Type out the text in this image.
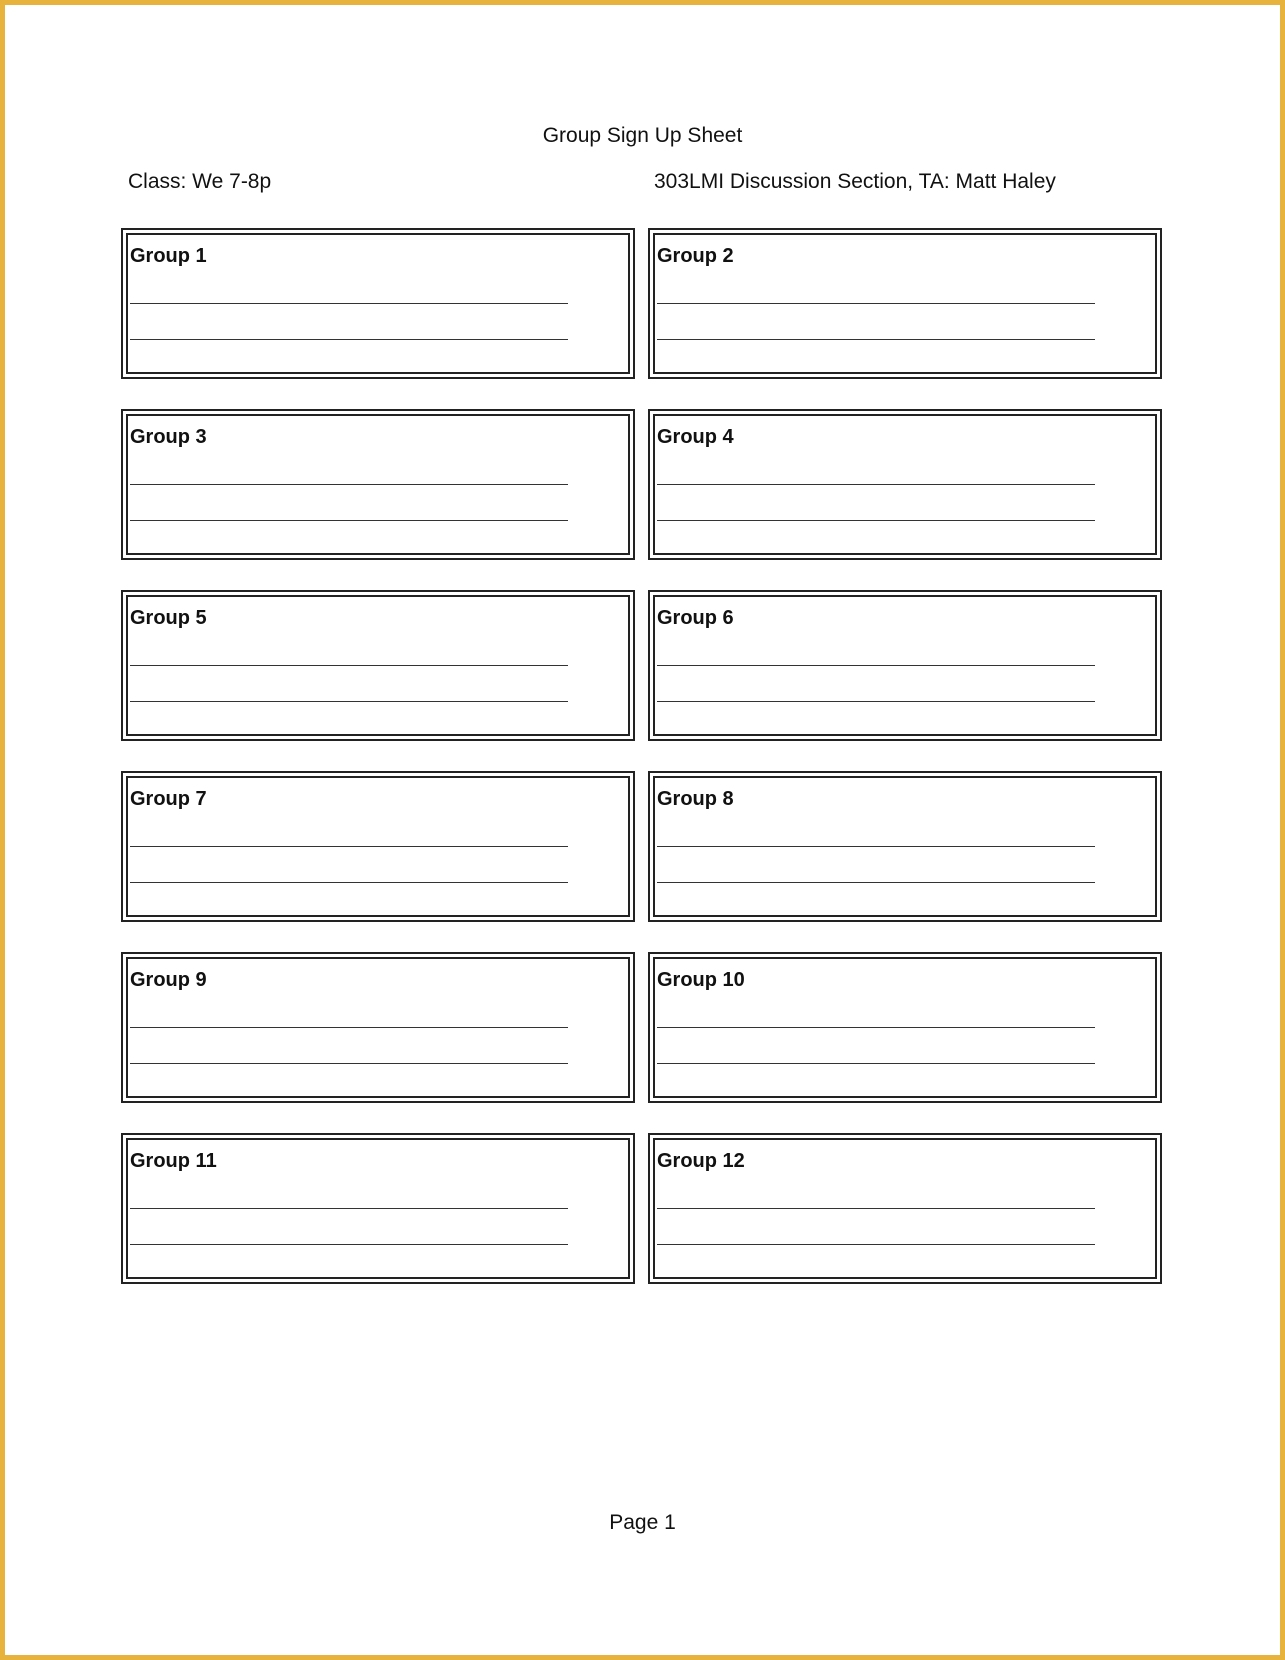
Group Sign Up Sheet
Class: We 7-8p	303LMI Discussion Section, TA: Matt Haley
Group 1	Group 2
Group 3	Group 4
Group 5	Group 6
Group 7	Group 8
Group 9	Group 10
Group 11	Group 12
Page 1
